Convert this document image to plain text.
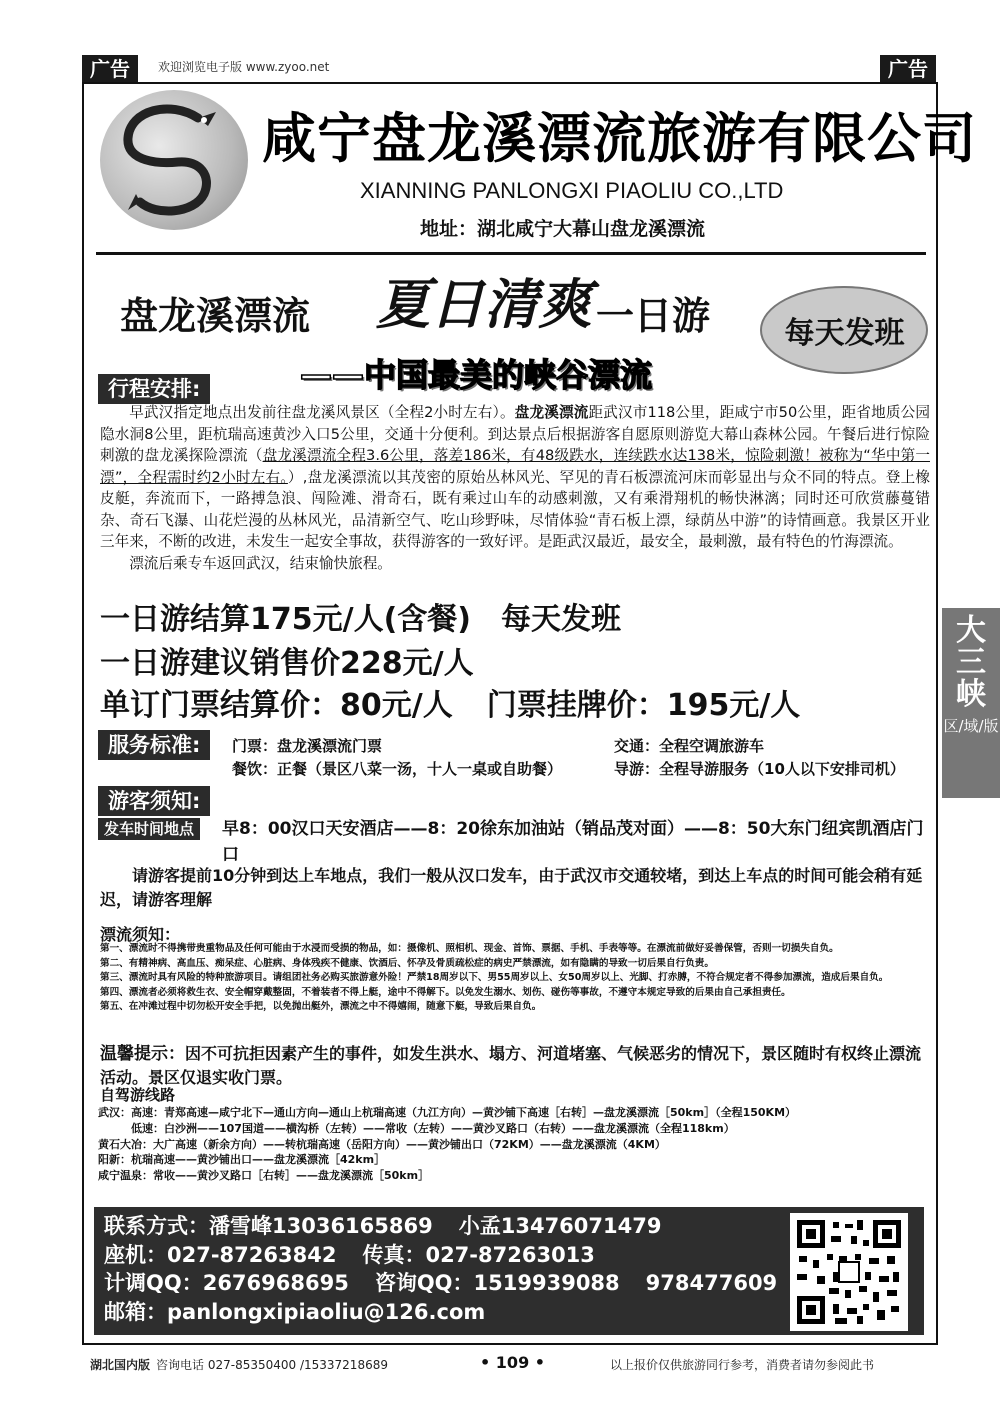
广告	欢迎浏览电子版 www.zyoo.net	广告
咸宁盘龙溪漂流旅游有限公司
XIANNING PANLONGXI PIAOLIU CO.,LTD
地址：湖北咸宁大幕山盘龙溪漂流
盘龙溪漂流 夏日清爽 一日游	每天发班
——中国最美的峡谷漂流
行程安排:

早武汉指定地点出发前往盘龙溪风景区（全程2小时左右）。盘龙溪漂流距武汉市118公里，距咸宁市50公里，距省地质公园隐水洞8公里，距杭瑞高速黄沙入口5公里，交通十分便利。到达景点后根据游客自愿原则游览大幕山森林公园。午餐后进行惊险刺激的盘龙溪探险漂流（盘龙溪漂流全程3.6公里，落差186米，有48级跌水，连续跌水达138米，惊险刺激！被称为“华中第一漂”，全程需时约2小时左右。）,盘龙溪漂流以其茂密的原始丛林风光、罕见的青石板漂流河床而彰显出与众不同的特点。登上橡皮艇，奔流而下，一路搏急浪、闯险滩、滑奇石，既有乘过山车的动感刺激，又有乘滑翔机的畅快淋漓；同时还可欣赏藤蔓错杂、奇石飞瀑、山花烂漫的丛林风光，品清新空气、吃山珍野味，尽情体验“青石板上漂，绿荫丛中游”的诗情画意。我景区开业三年来，不断的改进，未发生一起安全事故，获得游客的一致好评。是距武汉最近，最安全，最刺激，最有特色的竹海漂流。

漂流后乘专车返回武汉，结束愉快旅程。

一日游结算175元/人(含餐) 每天发班
一日游建议销售价228元/人
单订门票结算价：80元/人 门票挂牌价：195元/人
服务标准:	门票：盘龙溪漂流门票	交通：全程空调旅游车
餐饮：正餐（景区八菜一汤，十人一桌或自助餐）	导游：全程导游服务（10人以下安排司机）
游客须知:
发车时间地点	早8：00汉口天安酒店——8：20徐东加油站（销品茂对面）——8：50大东门纽宾凯酒店门口
请游客提前10分钟到达上车地点，我们一般从汉口发车，由于武汉市交通较堵，到达上车点的时间可能会稍有延迟，请游客理解
漂流须知：
第一、漂流时不得携带贵重物品及任何可能由于水浸而受损的物品，如：摄像机、照相机、现金、首饰、票据、手机、手表等等。在漂流前做好妥善保管，否则一切损失自负。
第二、有精神病、高血压、痴呆症、心脏病、身体残疾不健康、饮酒后、怀孕及骨质疏松症的病史严禁漂流，如有隐瞒的导致一切后果自行负责。
第三、漂流时具有风险的特种旅游项目。请组团社务必购买旅游意外险！严禁18周岁以下、男55周岁以上、女50周岁以上、光脚、打赤膊，不符合规定者不得参加漂流，造成后果自负。
第四、漂流者必须将救生衣、安全帽穿戴整固，不着装者不得上艇，途中不得解下。以免发生溺水、划伤、碰伤等事故，不遵守本规定导致的后果由自己承担责任。
第五、在冲滩过程中切勿松开安全手把，以免抛出艇外，漂流之中不得嬉闹，随意下艇，导致后果自负。
温馨提示：因不可抗拒因素产生的事件，如发生洪水、塌方、河道堵塞、气候恶劣的情况下，景区随时有权终止漂流活动。景区仅退实收门票。
自驾游线路
武汉：高速：青郑高速—咸宁北下—通山方向—通山上杭瑞高速（九江方向）—黄沙铺下高速［右转］—盘龙溪漂流［50km］（全程150KM）
　　　低速：白沙洲——107国道——横沟桥（左转）——常收（左转）——黄沙叉路口（右转）——盘龙溪漂流（全程118km）
黄石大冶：大广高速（新余方向）——转杭瑞高速（岳阳方向）——黄沙铺出口（72KM）——盘龙溪漂流（4KM）
阳新：杭瑞高速——黄沙铺出口——盘龙溪漂流［42km］
咸宁温泉：常收——黄沙叉路口［右转］——盘龙溪漂流［50km］
联系方式：潘雪峰13036165869 小孟13476071479
座机：027-87263842 传真：027-87263013
计调QQ：2676968695 咨询QQ：1519939088 978477609
邮箱：panlongxipiaoliu@126.com
大三峡
区/域/版
湖北国内版 咨询电话 027-85350400 /15337218689	• 109 •	以上报价仅供旅游同行参考，消费者请勿参阅此书
